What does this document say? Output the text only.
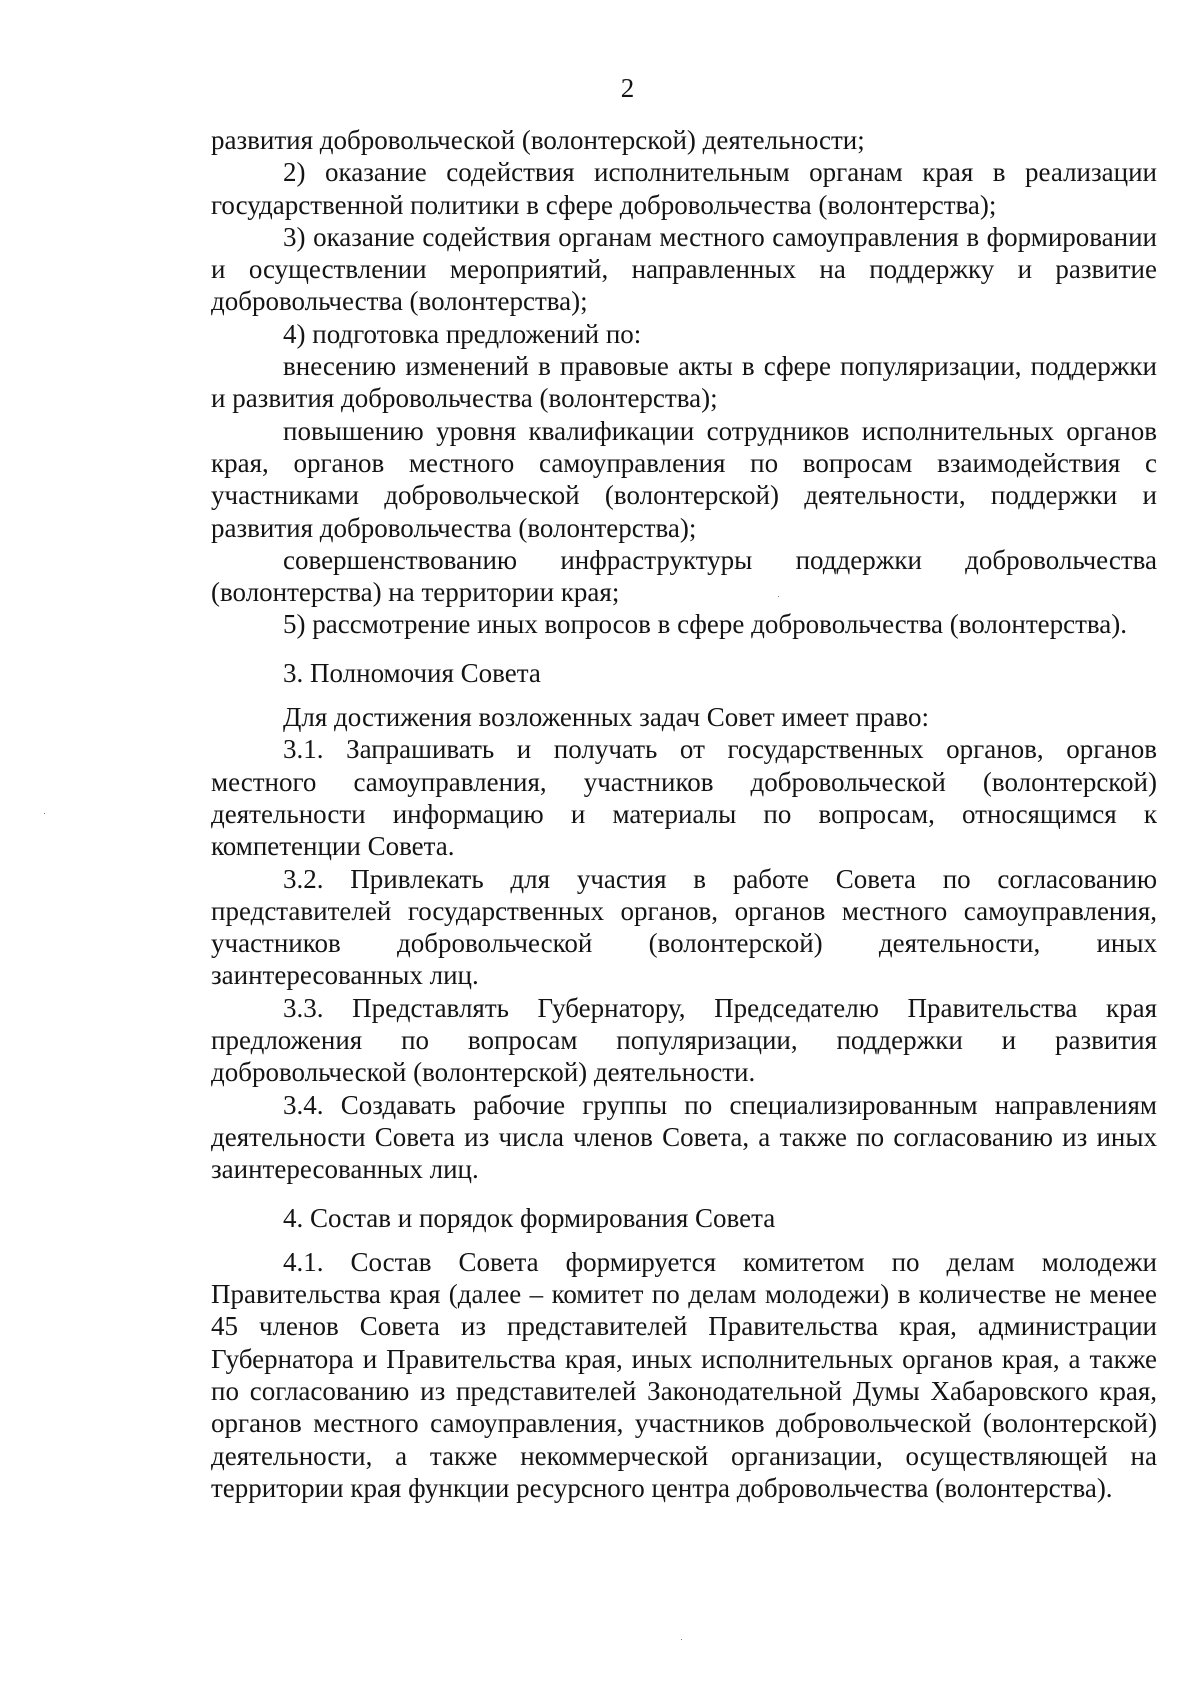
2

развития добровольческой (волонтерской) деятельности;

2) оказание содействия исполнительным органам края в реализации государственной политики в сфере добровольчества (волонтерства);

3) оказание содействия органам местного самоуправления в формировании и осуществлении мероприятий, направленных на поддержку и развитие добровольчества (волонтерства);

4) подготовка предложений по:

внесению изменений в правовые акты в сфере популяризации, поддержки и развития добровольчества (волонтерства);

повышению уровня квалификации сотрудников исполнительных органов края, органов местного самоуправления по вопросам взаимодействия с участниками добровольческой (волонтерской) деятельности, поддержки и развития добровольчества (волонтерства);

совершенствованию инфраструктуры поддержки добровольчества (волонтерства) на территории края;

5) рассмотрение иных вопросов в сфере добровольчества (волонтерства).

3. Полномочия Совета

Для достижения возложенных задач Совет имеет право:

3.1. Запрашивать и получать от государственных органов, органов местного самоуправления, участников добровольческой (волонтерской) деятельности информацию и материалы по вопросам, относящимся к компетенции Совета.

3.2. Привлекать для участия в работе Совета по согласованию представителей государственных органов, органов местного самоуправления, участников добровольческой (волонтерской) деятельности, иных заинтересованных лиц.

3.3. Представлять Губернатору, Председателю Правительства края предложения по вопросам популяризации, поддержки и развития добровольческой (волонтерской) деятельности.

3.4. Создавать рабочие группы по специализированным направлениям деятельности Совета из числа членов Совета, а также по согласованию из иных заинтересованных лиц.

4. Состав и порядок формирования Совета

4.1. Состав Совета формируется комитетом по делам молодежи Правительства края (далее – комитет по делам молодежи) в количестве не менее 45 членов Совета из представителей Правительства края, администрации Губернатора и Правительства края, иных исполнительных органов края, а также по согласованию из представителей Законодательной Думы Хабаровского края, органов местного самоуправления, участников добровольческой (волонтерской) деятельности, а также некоммерческой организации, осуществляющей на территории края функции ресурсного центра добровольчества (волонтерства).
